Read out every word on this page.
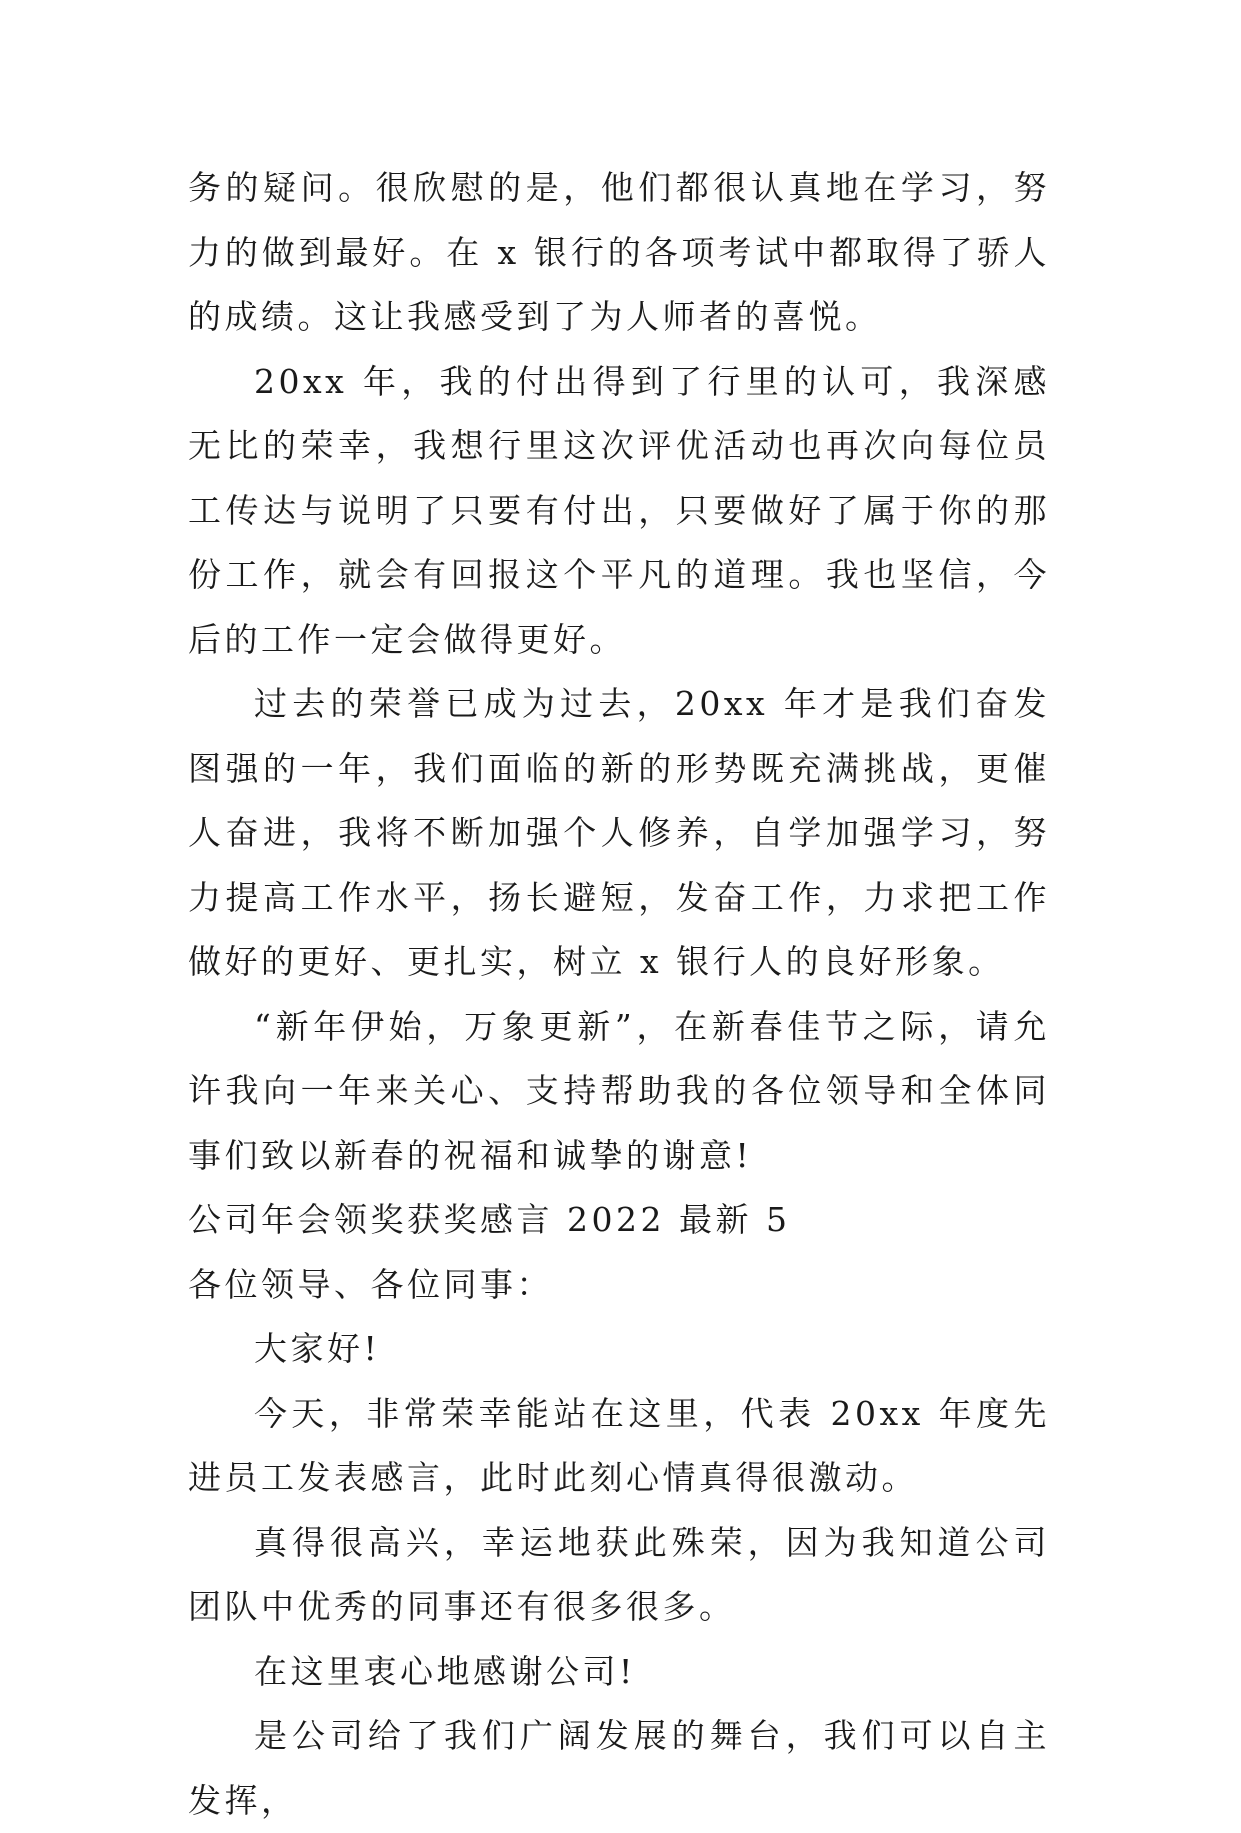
务的疑问。很欣慰的是，他们都很认真地在学习，努力的做到最好。在 x 银行的各项考试中都取得了骄人的成绩。这让我感受到了为人师者的喜悦。

20xx 年，我的付出得到了行里的认可，我深感无比的荣幸，我想行里这次评优活动也再次向每位员工传达与说明了只要有付出，只要做好了属于你的那份工作，就会有回报这个平凡的道理。我也坚信，今后的工作一定会做得更好。

过去的荣誉已成为过去，20xx 年才是我们奋发图强的一年，我们面临的新的形势既充满挑战，更催人奋进，我将不断加强个人修养，自学加强学习，努力提高工作水平，扬长避短，发奋工作，力求把工作做好的更好、更扎实，树立 x 银行人的良好形象。

“新年伊始，万象更新”，在新春佳节之际，请允许我向一年来关心、支持帮助我的各位领导和全体同事们致以新春的祝福和诚挚的谢意!

公司年会领奖获奖感言 2022 最新 5

各位领导、各位同事：

大家好!

今天，非常荣幸能站在这里，代表 20xx 年度先进员工发表感言，此时此刻心情真得很激动。

真得很高兴，幸运地获此殊荣，因为我知道公司团队中优秀的同事还有很多很多。

在这里衷心地感谢公司!

是公司给了我们广阔发展的舞台，我们可以自主发挥，
